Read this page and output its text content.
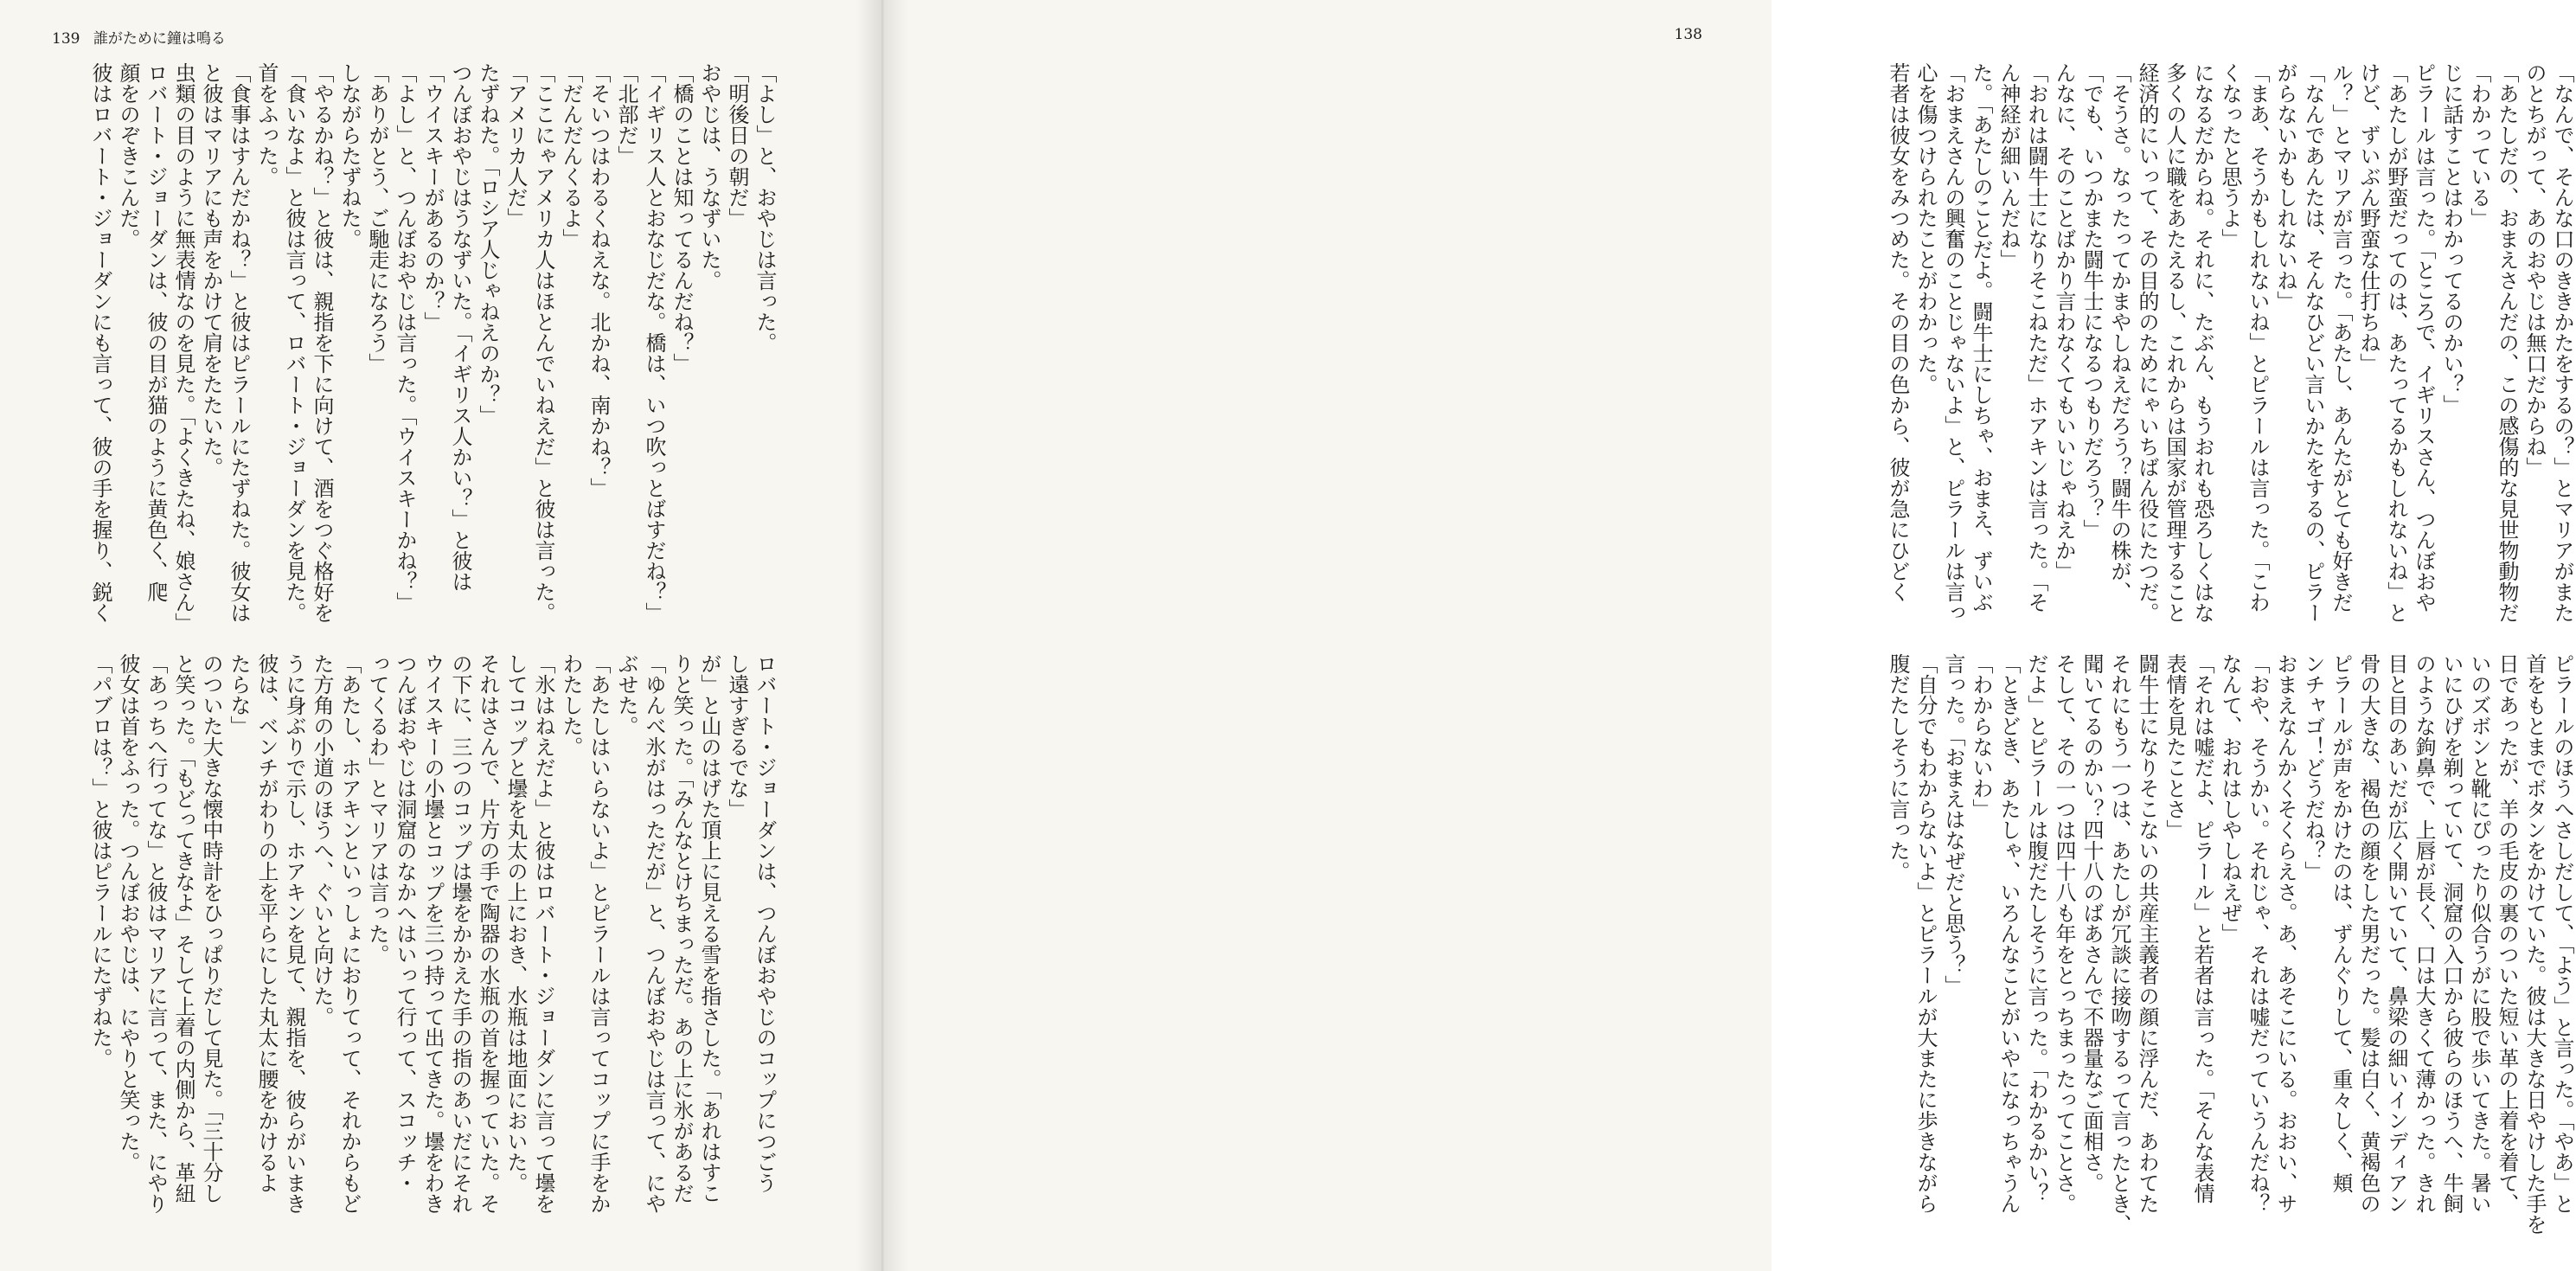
139 誰がために鐘は鳴る

「よし」と、おやじは言った。

「明後日の朝だ」

おやじは、うなずいた。

「橋のことは知ってるんだね？」

「イギリス人とおなじだな。橋は、いつ吹っとばすだね？」

「北部だ」

「そいつはわるくねえな。北かね、南かね？」

「だんだんくるよ」

「ここにゃアメリカ人はほとんでいねえだ」と彼は言った。

「アメリカ人だ」

たずねた。「ロシア人じゃねえのか？」

つんぼおやじはうなずいた。「イギリス人かい？」と彼は

「ウイスキーがあるのか？」

「よし」と、つんぼおやじは言った。「ウイスキーかね？」

「ありがとう、ご馳走になろう」

しながらたずねた。

「やるかね？」と彼は、親指を下に向けて、酒をつぐ格好を

「食いなよ」と彼は言って、ロバート・ジョーダンを見た。

首をふった。

「食事はすんだかね？」と彼はピラールにたずねた。彼女は

と彼はマリアにも声をかけて肩をたたいた。

虫類の目のように無表情なのを見た。「よくきたね、娘さん」

ロバート・ジョーダンは、彼の目が猫のように黄色く、爬

顔をのぞきこんだ。

彼はロバート・ジョーダンにも言って、彼の手を握り、鋭く

ロバート・ジョーダンは、つんぼおやじのコップにつごう

し遠すぎるでな」

が」と山のはげた頂上に見える雪を指さした。「あれはすこ

りと笑った。「みんなとけちまっただ。あの上に氷があるだ

「ゆんべ氷がはっただが」と、つんぼおやじは言って、にや

ぶせた。

「あたしはいらないよ」とピラールは言ってコップに手をか

わたした。

「氷はねえだよ」と彼はロバート・ジョーダンに言って壜を

してコップと壜を丸太の上におき、水瓶は地面においた。

それはさんで、片方の手で陶器の水瓶の首を握っていた。そ

の下に、三つのコップは壜をかかえた手の指のあいだにそれ

ウイスキーの小壜とコップを三つ持って出てきた。壜をわき

つんぼおやじは洞窟のなかへはいって行って、スコッチ・

ってくるわ」とマリアは言った。

「あたし、ホアキンといっしょにおりてって、それからもど

た方角の小道のほうへ、ぐいと向けた。

うに身ぶりで示し、ホアキンを見て、親指を、彼らがいまき

彼は、ベンチがわりの上を平らにした丸太に腰をかけるよ

たらな」

のついた大きな懐中時計をひっぱりだして見た。「三十分し

と笑った。「もどってきなよ」そして上着の内側から、革紐

「あっちへ行ってな」と彼はマリアに言って、また、にやり

彼女は首をふった。つんぼおやじは、にやりと笑った。

「パブロは？」と彼はピラールにたずねた。

138

「なんで、そんな口のききかたをするの？」とマリアがまた

のとちがって、あのおやじは無口だからね」

「あたしだの、おまえさんだの、この感傷的な見世物動物だ

「わかっている」

じに話すことはわかってるのかい？」

ピラールは言った。「ところで、イギリスさん、つんぼおや

「あたしが野蛮だってのは、あたってるかもしれないね」と

けど、ずいぶん野蛮な仕打ちね」

ル？」とマリアが言った。「あたし、あんたがとても好きだ

「なんであんたは、そんなひどい言いかたをするの、ピラー

がらないかもしれないね」

「まあ、そうかもしれないね」とピラールは言った。「こわ

くなったと思うよ」

になるだからね。それに、たぶん、もうおれも恐ろしくはな

多くの人に職をあたえるし、これからは国家が管理すること

経済的にいって、その目的のためにゃいちばん役にたつだ。

「そうさ。なったってかまやしねえだろう？闘牛の株が、

「でも、いつかまた闘牛士になるつもりだろう？」

んなに、そのことばかり言わなくてもいいじゃねえか」

「おれは闘牛士になりそこねただ」ホアキンは言った。「そ

ん神経が細いんだね」

た。「あたしのことだよ。闘牛士にしちゃ、おまえ、ずいぶ

「おまえさんの興奮のことじゃないよ」と、ピラールは言っ

心を傷つけられたことがわかった。

若者は彼女をみつめた。その目の色から、彼が急にひどく

ピラールのほうへさしだして、「よう」と言った。「やあ」と

首をもとまでボタンをかけていた。彼は大きな日やけした手を

日であったが、羊の毛皮の裏のついた短い革の上着を着て、

いのズボンと靴にぴったり似合うがに股で歩いてきた。暑い

いにひげを剃っていて、洞窟の入口から彼らのほうへ、牛飼

のような鉤鼻で、上唇が長く、口は大きくて薄かった。きれ

目と目のあいだが広く開いていて、鼻梁の細いインディアン

骨の大きな、褐色の顔をした男だった。髪は白く、黄褐色の

ピラールが声をかけたのは、ずんぐりして、重々しく、頬

ンチャゴ！どうだね？」

おまえなんかくそくらえさ。あ、あそこにいる。おおい、サ

「おや、そうかい。それじゃ、それは嘘だっていうんだね？

なんて、おれはしやしねえぜ」

「それは嘘だよ、ピラール」と若者は言った。「そんな表情

表情を見たことさ」

闘牛士になりそこないの共産主義者の顔に浮んだ、あわてた

それにもう一つは、あたしが冗談に接吻するって言ったとき、

聞いてるのかい？四十八のばあさんで不器量なご面相さ。

そして、その一つは四十八も年をとっちまったってことさ。

だよ」とピラールは腹だたしそうに言った。「わかるかい？

「ときどき、あたしゃ、いろんなことがいやになっちゃうん

「わからないわ」

言った。「おまえはなぜだと思う？」

「自分でもわからないよ」とピラールが大またに歩きながら

腹だたしそうに言った。
